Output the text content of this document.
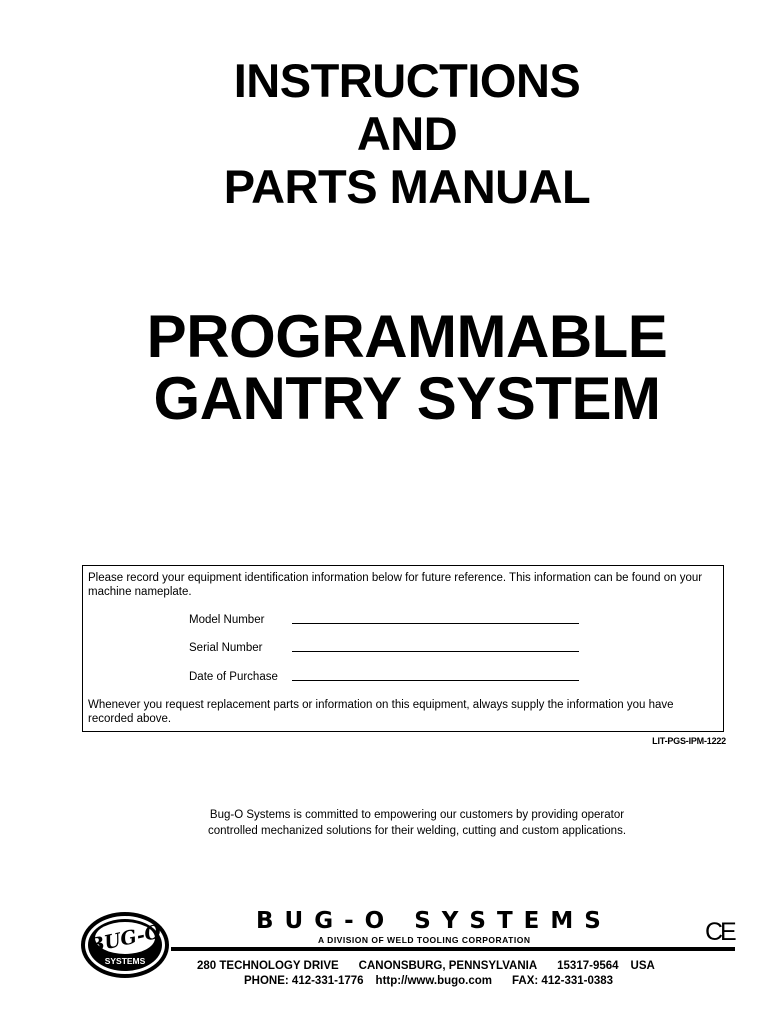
INSTRUCTIONS
AND
PARTS MANUAL
PROGRAMMABLE
GANTRY SYSTEM
Please record your equipment identification information below for future reference. This information can be found on your machine nameplate.
Model Number
Serial Number
Date of Purchase
Whenever you request replacement parts or information on this equipment, always supply the information you have recorded above.
LIT-PGS-IPM-1222
Bug-O Systems is committed to empowering our customers by providing operator
controlled mechanized solutions for their welding, cutting and custom applications.
BUG-O
SYSTEMS
BUG-O SYSTEMS
A DIVISION OF WELD TOOLING CORPORATION	CE
280 TECHNOLOGY DRIVE CANONSBURG, PENNSYLVANIA 15317-9564 USA
PHONE: 412-331-1776 http://www.bugo.com FAX: 412-331-0383
